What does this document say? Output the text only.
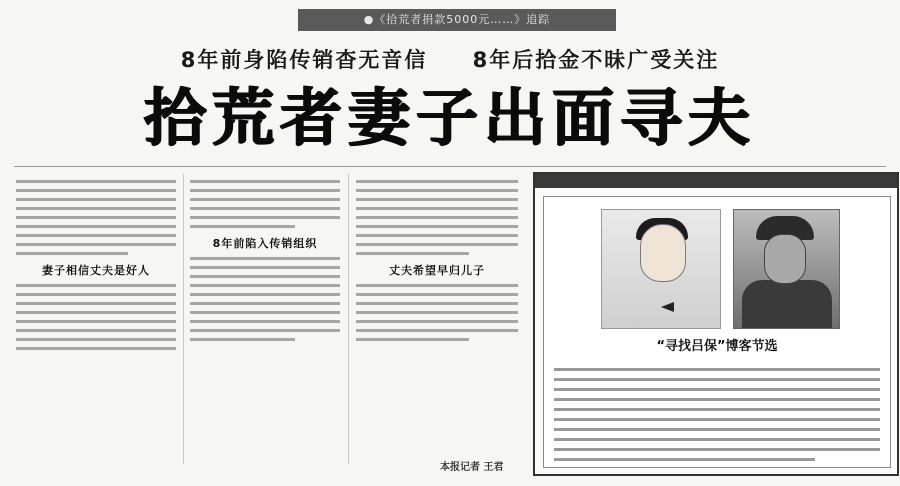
●《拾荒者捐款5000元……》追踪
8年前身陷传销杳无音信 8年后拾金不昧广受关注
拾荒者妻子出面寻夫
妻子相信丈夫是好人
8年前陷入传销组织
丈夫希望早归儿子
本报记者 王君
“寻找吕保”博客节选
